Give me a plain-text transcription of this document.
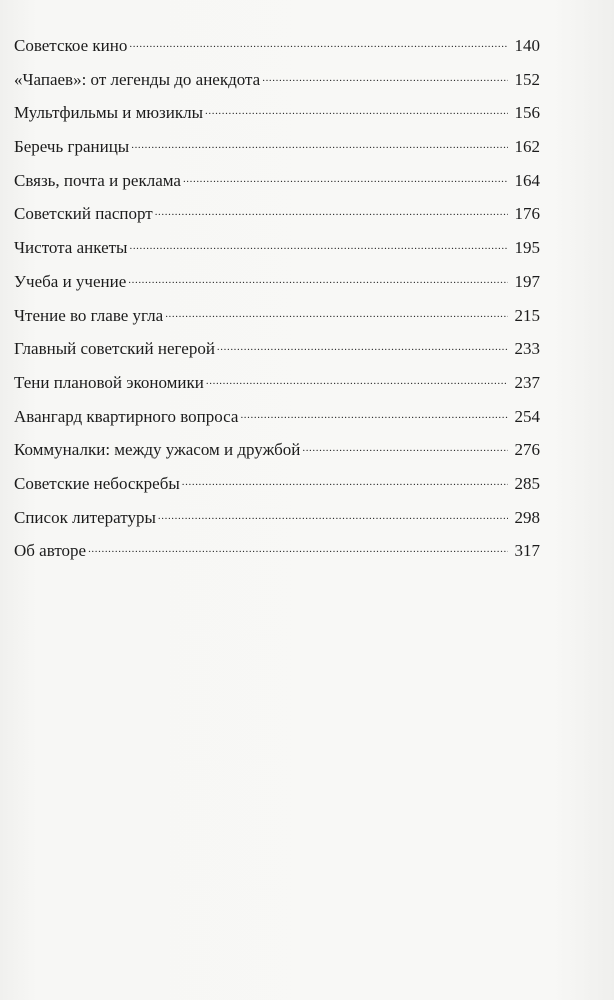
Советское кино .....	140
«Чапаев»: от легенды до анекдота .....	152
Мультфильмы и мюзиклы .....	156
Беречь границы .....	162
Связь, почта и реклама .....	164
Советский паспорт .....	176
Чистота анкеты .....	195
Учеба и учение .....	197
Чтение во главе угла .....	215
Главный советский негерой .....	233
Тени плановой экономики .....	237
Авангард квартирного вопроса .....	254
Коммуналки: между ужасом и дружбой .....	276
Советские небоскребы .....	285
Список литературы .....	298
Об авторе .....	317
